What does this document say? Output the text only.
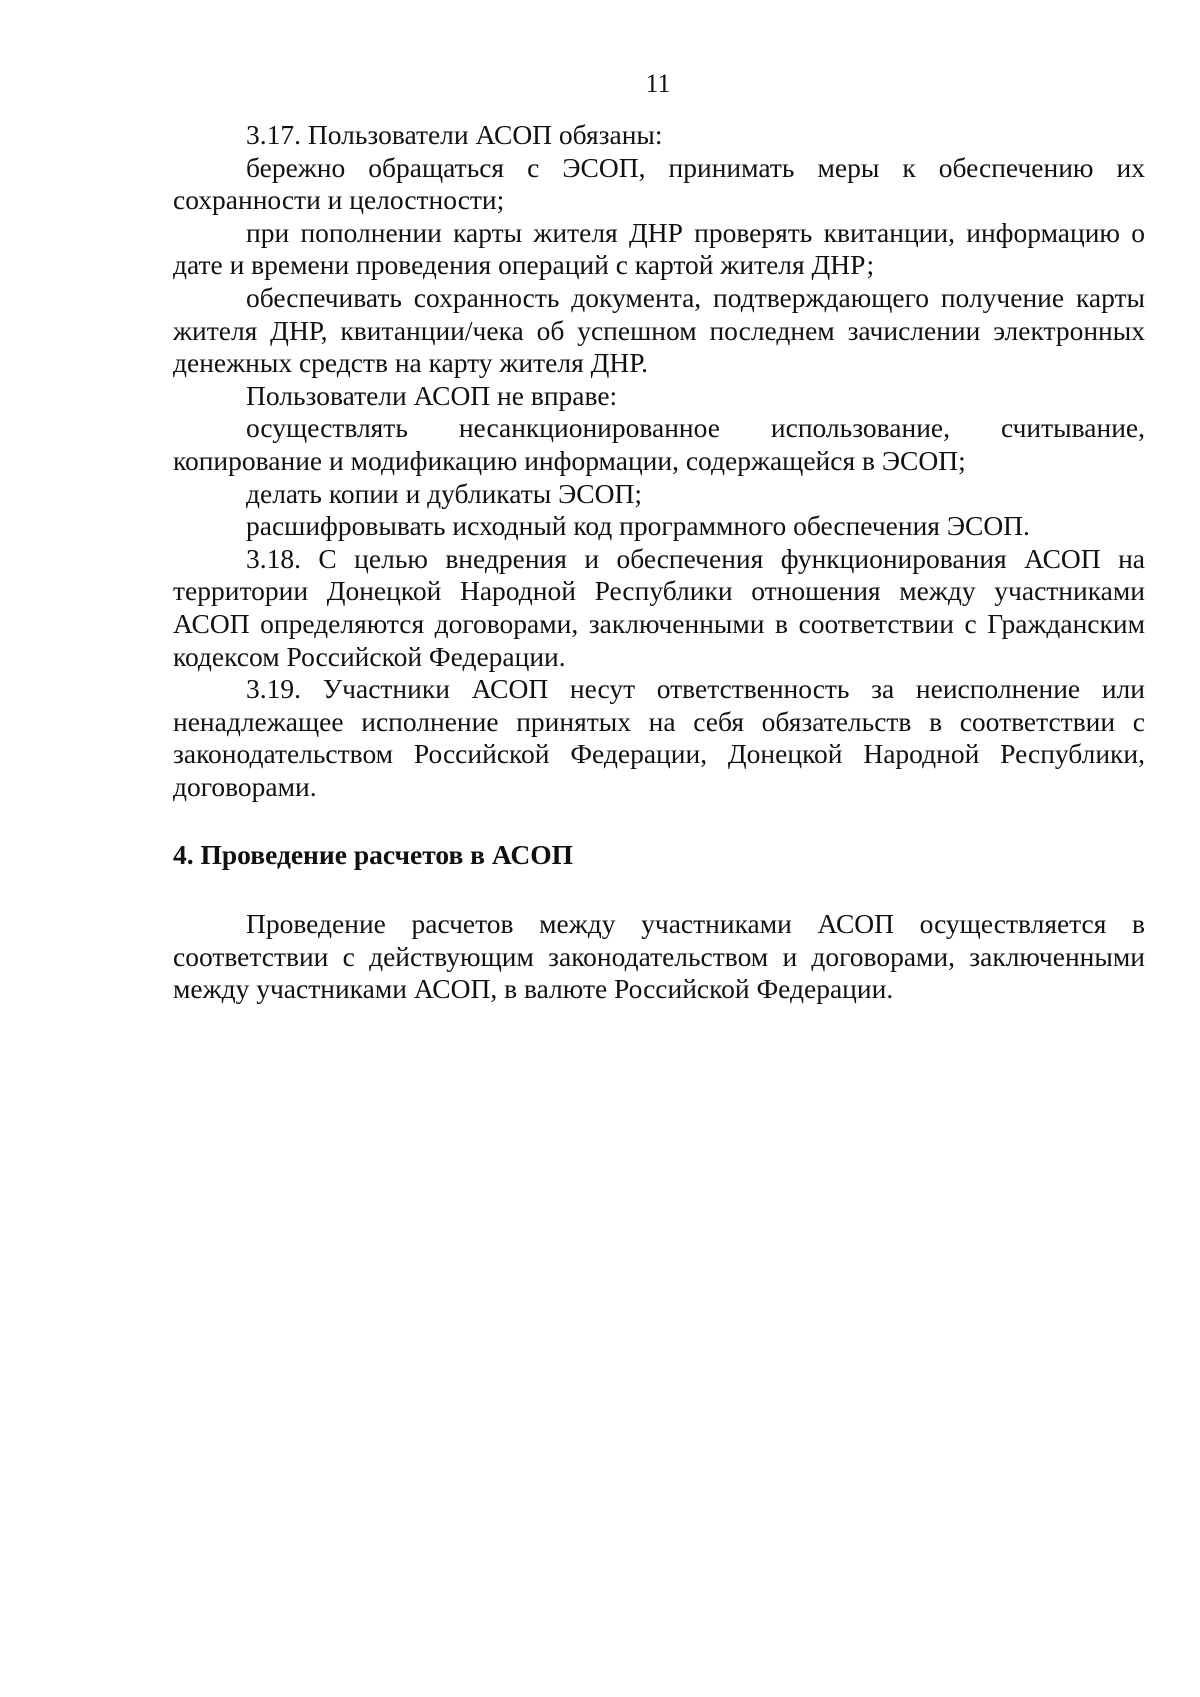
11

3.17. Пользователи АСОП обязаны:

бережно обращаться с ЭСОП, принимать меры к обеспечению их сохранности и целостности;

при пополнении карты жителя ДНР проверять квитанции, информацию о дате и времени проведения операций с картой жителя ДНР;

обеспечивать сохранность документа, подтверждающего получение карты жителя ДНР, квитанции/чека об успешном последнем зачислении электронных денежных средств на карту жителя ДНР.

Пользователи АСОП не вправе:

осуществлять несанкционированное использование, считывание, копирование и модификацию информации, содержащейся в ЭСОП;

делать копии и дубликаты ЭСОП;

расшифровывать исходный код программного обеспечения ЭСОП.

3.18. С целью внедрения и обеспечения функционирования АСОП на территории Донецкой Народной Республики отношения между участниками АСОП определяются договорами, заключенными в соответствии с Гражданским кодексом Российской Федерации.

3.19. Участники АСОП несут ответственность за неисполнение или ненадлежащее исполнение принятых на себя обязательств в соответствии с законодательством Российской Федерации, Донецкой Народной Республики, договорами.

4. Проведение расчетов в АСОП

Проведение расчетов между участниками АСОП осуществляется в соответствии с действующим законодательством и договорами, заключенными между участниками АСОП, в валюте Российской Федерации.
